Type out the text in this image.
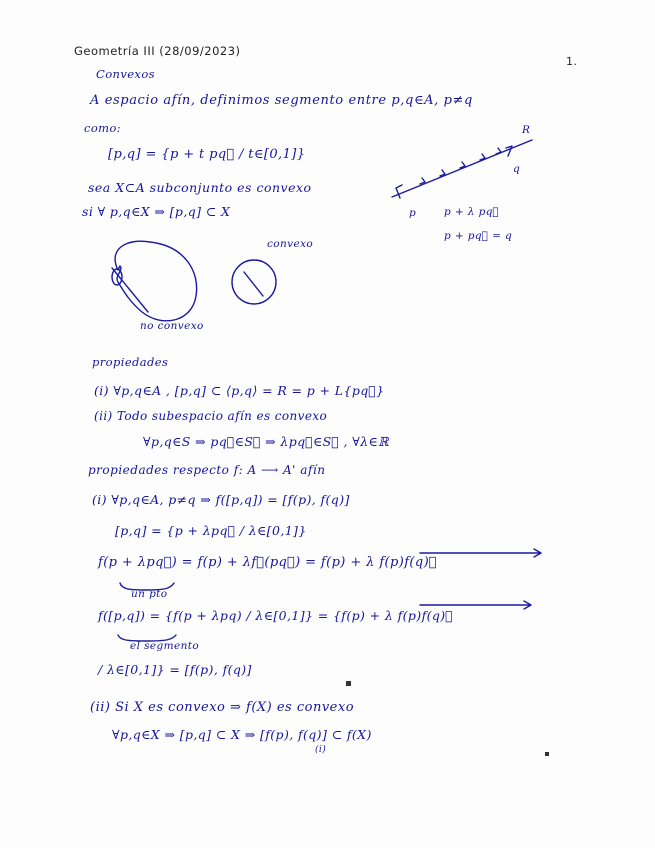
Geometría III (28/09/2023)
1.
Convexos
A espacio afín, definimos segmento entre p,q∈A, p≠q
como:
[p,q] = {p + t pq⃗ / t∈[0,1]}
sea X⊂A subconjunto es convexo
si ∀ p,q∈X ⇒ [p,q] ⊂ X
R
q
p	p + λ pq⃗
p + pq⃗ = q
convexo
no convexo
propiedades
(i) ∀p,q∈A , [p,q] ⊂ ⟨p,q⟩ = R = p + L{pq⃗}
(ii) Todo subespacio afín es convexo
∀p,q∈S ⇒ pq⃗∈S⃗ ⇒ λpq⃗∈S⃗ , ∀λ∈ℝ
propiedades respecto f: A ⟶ A' afín
(i) ∀p,q∈A, p≠q ⇒ f([p,q]) = [f(p), f(q)]
[p,q] = {p + λpq⃗ / λ∈[0,1]}
f(p + λpq⃗) = f(p) + λf⃗(pq⃗) = f(p) + λ f(p)f(q)⃗
un pto
f([p,q]) = {f(p + λpq) / λ∈[0,1]} = {f(p) + λ f(p)f(q)⃗
el segmento
/ λ∈[0,1]} = [f(p), f(q)]
(ii) Si X es convexo ⇒ f(X) es convexo
∀p,q∈X ⇒ [p,q] ⊂ X ⇒ [f(p), f(q)] ⊂ f(X)
(i)
